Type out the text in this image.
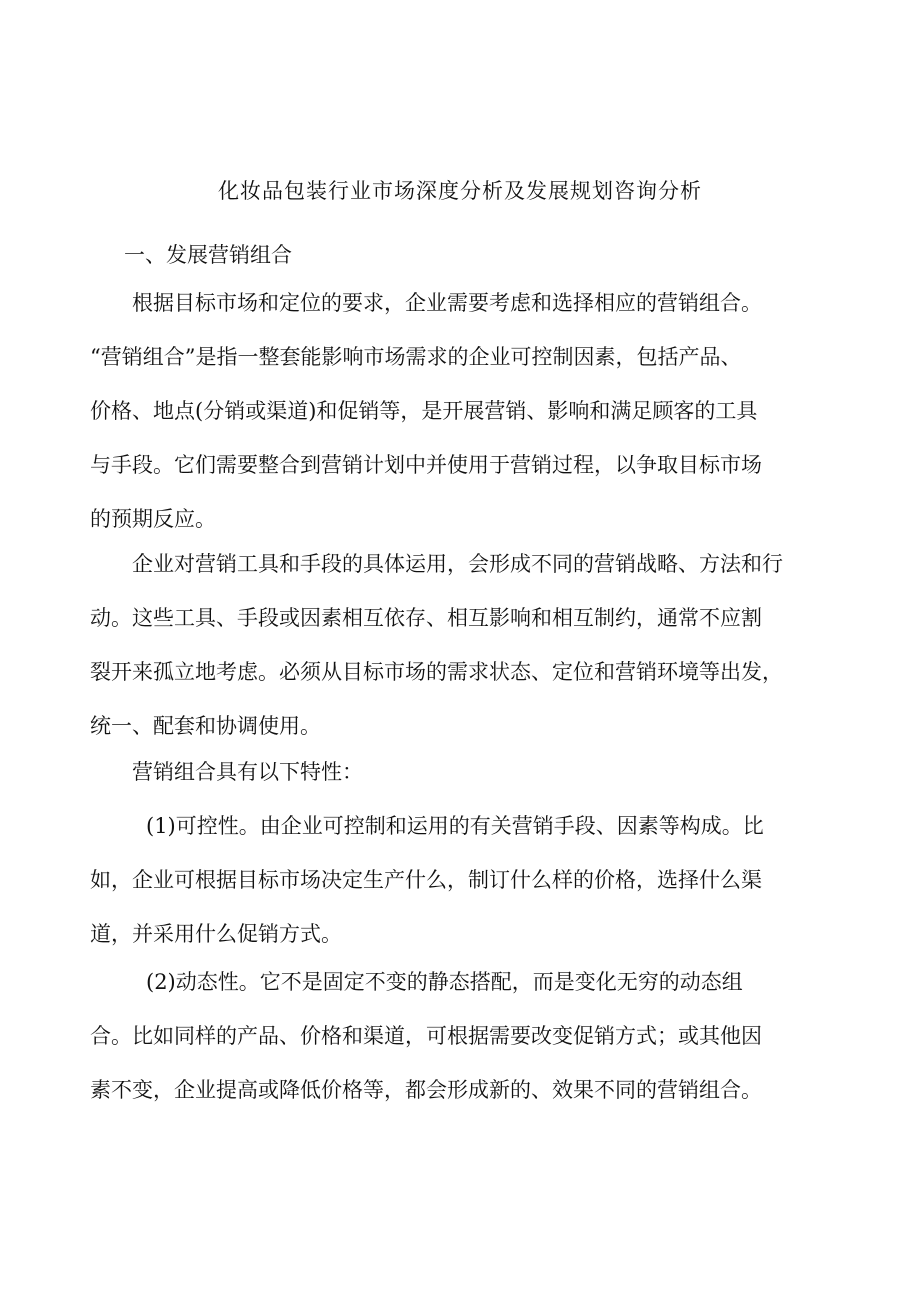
化妆品包装行业市场深度分析及发展规划咨询分析
一、发展营销组合
根据目标市场和定位的要求，企业需要考虑和选择相应的营销组合。
“营销组合”是指一整套能影响市场需求的企业可控制因素，包括产品、
价格、地点(分销或渠道)和促销等，是开展营销、影响和满足顾客的工具
与手段。它们需要整合到营销计划中并使用于营销过程，以争取目标市场
的预期反应。
企业对营销工具和手段的具体运用，会形成不同的营销战略、方法和行
动。这些工具、手段或因素相互依存、相互影响和相互制约，通常不应割
裂开来孤立地考虑。必须从目标市场的需求状态、定位和营销环境等出发，
统一、配套和协调使用。
营销组合具有以下特性：
(1)可控性。由企业可控制和运用的有关营销手段、因素等构成。比
如，企业可根据目标市场决定生产什么，制订什么样的价格，选择什么渠
道，并采用什么促销方式。
(2)动态性。它不是固定不变的静态搭配，而是变化无穷的动态组
合。比如同样的产品、价格和渠道，可根据需要改变促销方式；或其他因
素不变，企业提高或降低价格等，都会形成新的、效果不同的营销组合。
